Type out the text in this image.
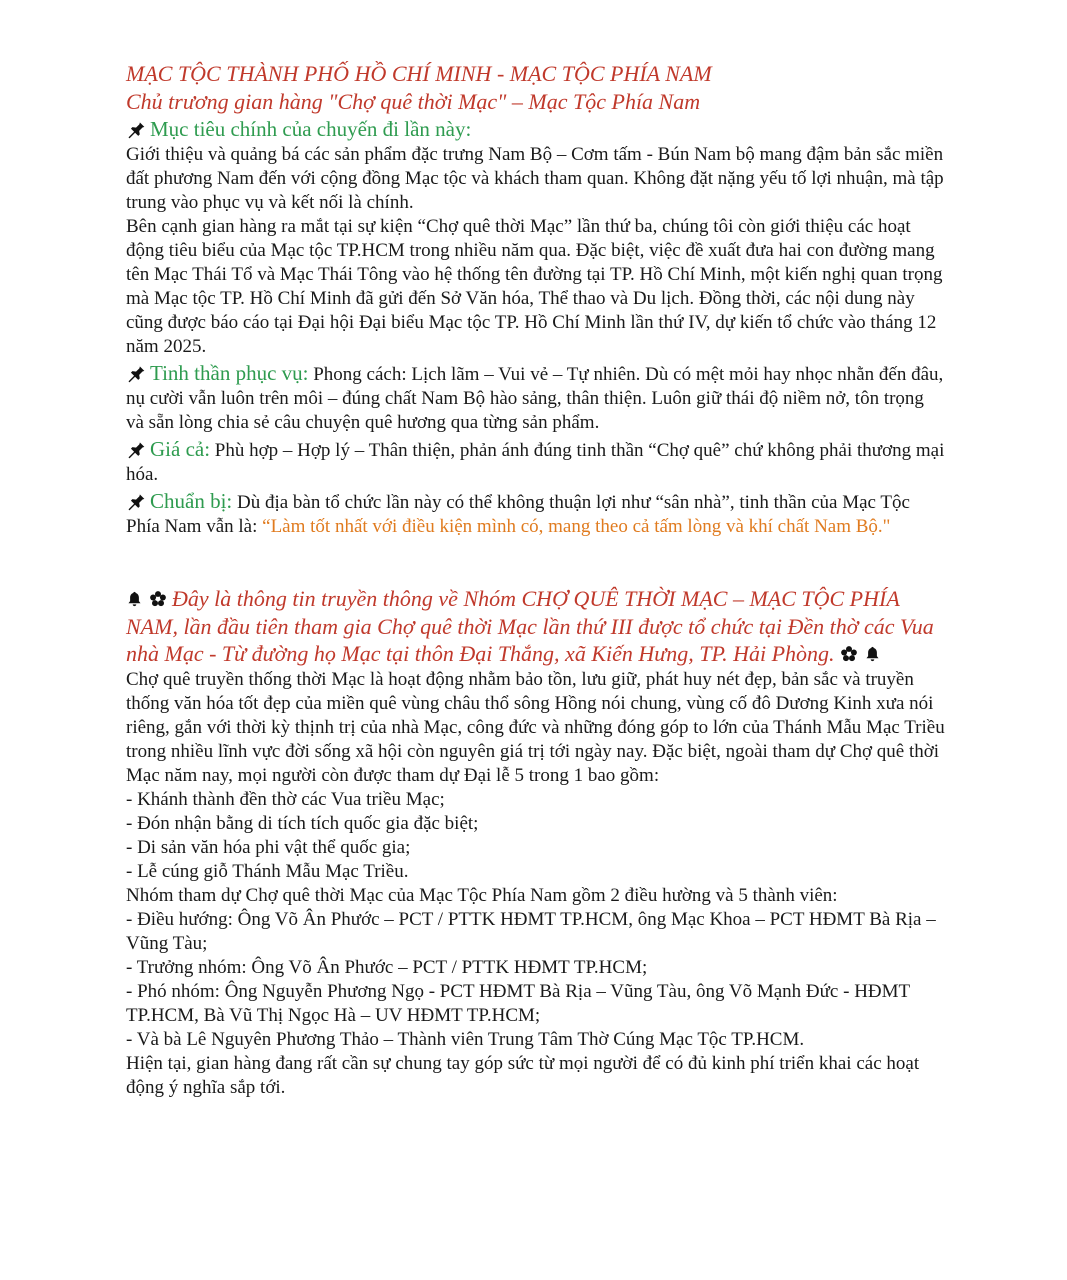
MẠC TỘC THÀNH PHỐ HỒ CHÍ MINH - MẠC TỘC PHÍA NAM

Chủ trương gian hàng "Chợ quê thời Mạc" – Mạc Tộc Phía Nam

Mục tiêu chính của chuyến đi lần này:

Giới thiệu và quảng bá các sản phẩm đặc trưng Nam Bộ – Cơm tấm - Bún Nam bộ mang đậm bản sắc miền đất phương Nam đến với cộng đồng Mạc tộc và khách tham quan. Không đặt nặng yếu tố lợi nhuận, mà tập trung vào phục vụ và kết nối là chính.

Bên cạnh gian hàng ra mắt tại sự kiện “Chợ quê thời Mạc” lần thứ ba, chúng tôi còn giới thiệu các hoạt động tiêu biểu của Mạc tộc TP.HCM trong nhiều năm qua. Đặc biệt, việc đề xuất đưa hai con đường mang tên Mạc Thái Tổ và Mạc Thái Tông vào hệ thống tên đường tại TP. Hồ Chí Minh, một kiến nghị quan trọng mà Mạc tộc TP. Hồ Chí Minh đã gửi đến Sở Văn hóa, Thể thao và Du lịch. Đồng thời, các nội dung này cũng được báo cáo tại Đại hội Đại biểu Mạc tộc TP. Hồ Chí Minh lần thứ IV, dự kiến tổ chức vào tháng 12 năm 2025.

Tinh thần phục vụ: Phong cách: Lịch lãm – Vui vẻ – Tự nhiên. Dù có mệt mỏi hay nhọc nhằn đến đâu, nụ cười vẫn luôn trên môi – đúng chất Nam Bộ hào sảng, thân thiện. Luôn giữ thái độ niềm nở, tôn trọng và sẵn lòng chia sẻ câu chuyện quê hương qua từng sản phẩm.

Giá cả: Phù hợp – Hợp lý – Thân thiện, phản ánh đúng tinh thần “Chợ quê” chứ không phải thương mại hóa.

Chuẩn bị: Dù địa bàn tổ chức lần này có thể không thuận lợi như “sân nhà”, tinh thần của Mạc Tộc Phía Nam vẫn là: “Làm tốt nhất với điều kiện mình có, mang theo cả tấm lòng và khí chất Nam Bộ."

Đây là thông tin truyền thông về Nhóm CHỢ QUÊ THỜI MẠC – MẠC TỘC PHÍA NAM, lần đầu tiên tham gia Chợ quê thời Mạc lần thứ III được tổ chức tại Đền thờ các Vua nhà Mạc - Từ đường họ Mạc tại thôn Đại Thắng, xã Kiến Hưng, TP. Hải Phòng.

Chợ quê truyền thống thời Mạc là hoạt động nhằm bảo tồn, lưu giữ, phát huy nét đẹp, bản sắc và truyền thống văn hóa tốt đẹp của miền quê vùng châu thổ sông Hồng nói chung, vùng cố đô Dương Kinh xưa nói riêng, gắn với thời kỳ thịnh trị của nhà Mạc, công đức và những đóng góp to lớn của Thánh Mẫu Mạc Triều trong nhiều lĩnh vực đời sống xã hội còn nguyên giá trị tới ngày nay. Đặc biệt, ngoài tham dự Chợ quê thời Mạc năm nay, mọi người còn được tham dự Đại lễ 5 trong 1 bao gồm:

- Khánh thành đền thờ các Vua triều Mạc;
- Đón nhận bằng di tích tích quốc gia đặc biệt;
- Di sản văn hóa phi vật thể quốc gia;
- Lễ cúng giỗ Thánh Mẫu Mạc Triều.

Nhóm tham dự Chợ quê thời Mạc của Mạc Tộc Phía Nam gồm 2 điều hường và 5 thành viên:

- Điều hướng: Ông Võ Ân Phước – PCT / PTTK HĐMT TP.HCM, ông Mạc Khoa – PCT HĐMT Bà Rịa – Vũng Tàu;
- Trưởng nhóm: Ông Võ Ân Phước – PCT / PTTK HĐMT TP.HCM;
- Phó nhóm: Ông Nguyễn Phương Ngọ - PCT HĐMT Bà Rịa – Vũng Tàu, ông Võ Mạnh Đức - HĐMT TP.HCM, Bà Vũ Thị Ngọc Hà – UV HĐMT TP.HCM;
- Và bà Lê Nguyên Phương Thảo – Thành viên Trung Tâm Thờ Cúng Mạc Tộc TP.HCM.

Hiện tại, gian hàng đang rất cần sự chung tay góp sức từ mọi người để có đủ kinh phí triển khai các hoạt động ý nghĩa sắp tới.
